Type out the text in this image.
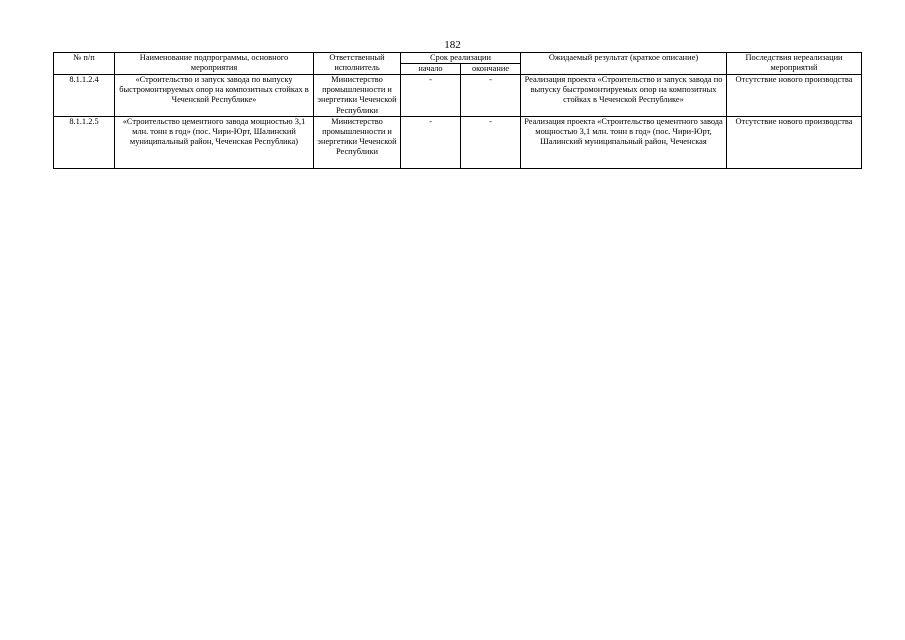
182
№ п/п	Наименование подпрограммы, основного мероприятия	Ответственный исполнитель	Срок реализации		Ожидаемый результат (краткое описание)	Последствия нереализации мероприятий
			начало	окончание		
8.1.1.2.4	«Строительство и запуск завода по выпуску быстромонтируемых опор на композитных стойках в Чеченской Республике»	Министерство промышленности и энергетики Чеченской Республики	-	-	Реализация проекта «Строительство и запуск завода по выпуску быстромонтируемых опор на композитных стойках в Чеченской Республике»	Отсутствие нового производства
8.1.1.2.5	«Строительство цементного завода мощностью 3,1 млн. тонн в год» (пос. Чири-Юрт, Шалинский муниципальный район, Чеченская Республика)	Министерство промышленности и энергетики Чеченской Республики	-	-	Реализация проекта «Строительство цементного завода мощностью 3,1 млн. тонн в год» (пос. Чири-Юрт, Шалинский муниципальный район, Чеченская	Отсутствие нового производства
